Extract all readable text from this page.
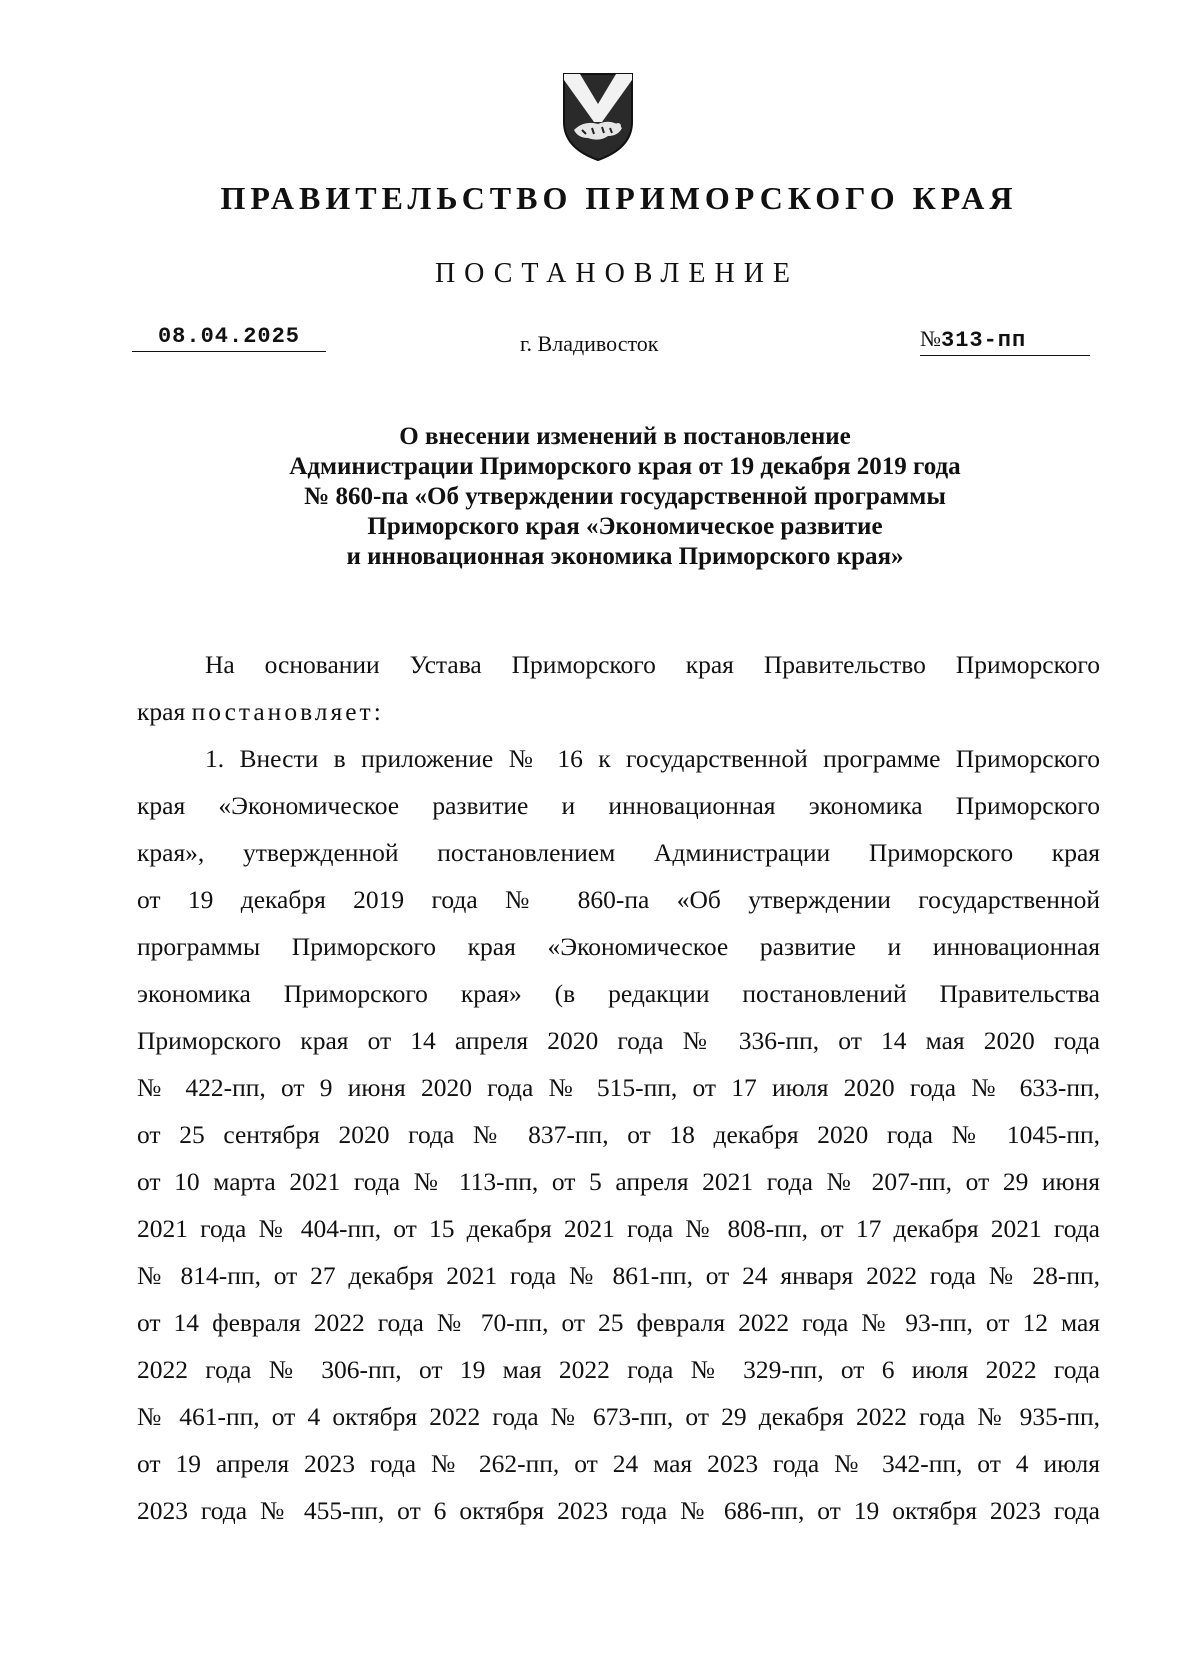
ПРАВИТЕЛЬСТВО ПРИМОРСКОГО КРАЯ
ПОСТАНОВЛЕНИЕ
08.04.2025	г. Владивосток	№313-пп
О внесении изменений в постановление
Администрации Приморского края от 19 декабря 2019 года
№ 860-па «Об утверждении государственной программы
Приморского края «Экономическое развитие
и инновационная экономика Приморского края»
На основании Устава Приморского края Правительство Приморского
края постановляет:
1. Внести в приложение № 16 к государственной программе Приморского
края «Экономическое развитие и инновационная экономика Приморского
края», утвержденной постановлением Администрации Приморского края
от 19 декабря 2019 года № 860-па «Об утверждении государственной
программы Приморского края «Экономическое развитие и инновационная
экономика Приморского края» (в редакции постановлений Правительства
Приморского края от 14 апреля 2020 года № 336-пп, от 14 мая 2020 года
№ 422-пп, от 9 июня 2020 года № 515-пп, от 17 июля 2020 года № 633-пп,
от 25 сентября 2020 года № 837-пп, от 18 декабря 2020 года № 1045-пп,
от 10 марта 2021 года № 113-пп, от 5 апреля 2021 года № 207-пп, от 29 июня
2021 года № 404-пп, от 15 декабря 2021 года № 808-пп, от 17 декабря 2021 года
№ 814-пп, от 27 декабря 2021 года № 861-пп, от 24 января 2022 года № 28-пп,
от 14 февраля 2022 года № 70-пп, от 25 февраля 2022 года № 93-пп, от 12 мая
2022 года № 306-пп, от 19 мая 2022 года № 329-пп, от 6 июля 2022 года
№ 461-пп, от 4 октября 2022 года № 673-пп, от 29 декабря 2022 года № 935-пп,
от 19 апреля 2023 года № 262-пп, от 24 мая 2023 года № 342-пп, от 4 июля
2023 года № 455-пп, от 6 октября 2023 года № 686-пп, от 19 октября 2023 года
